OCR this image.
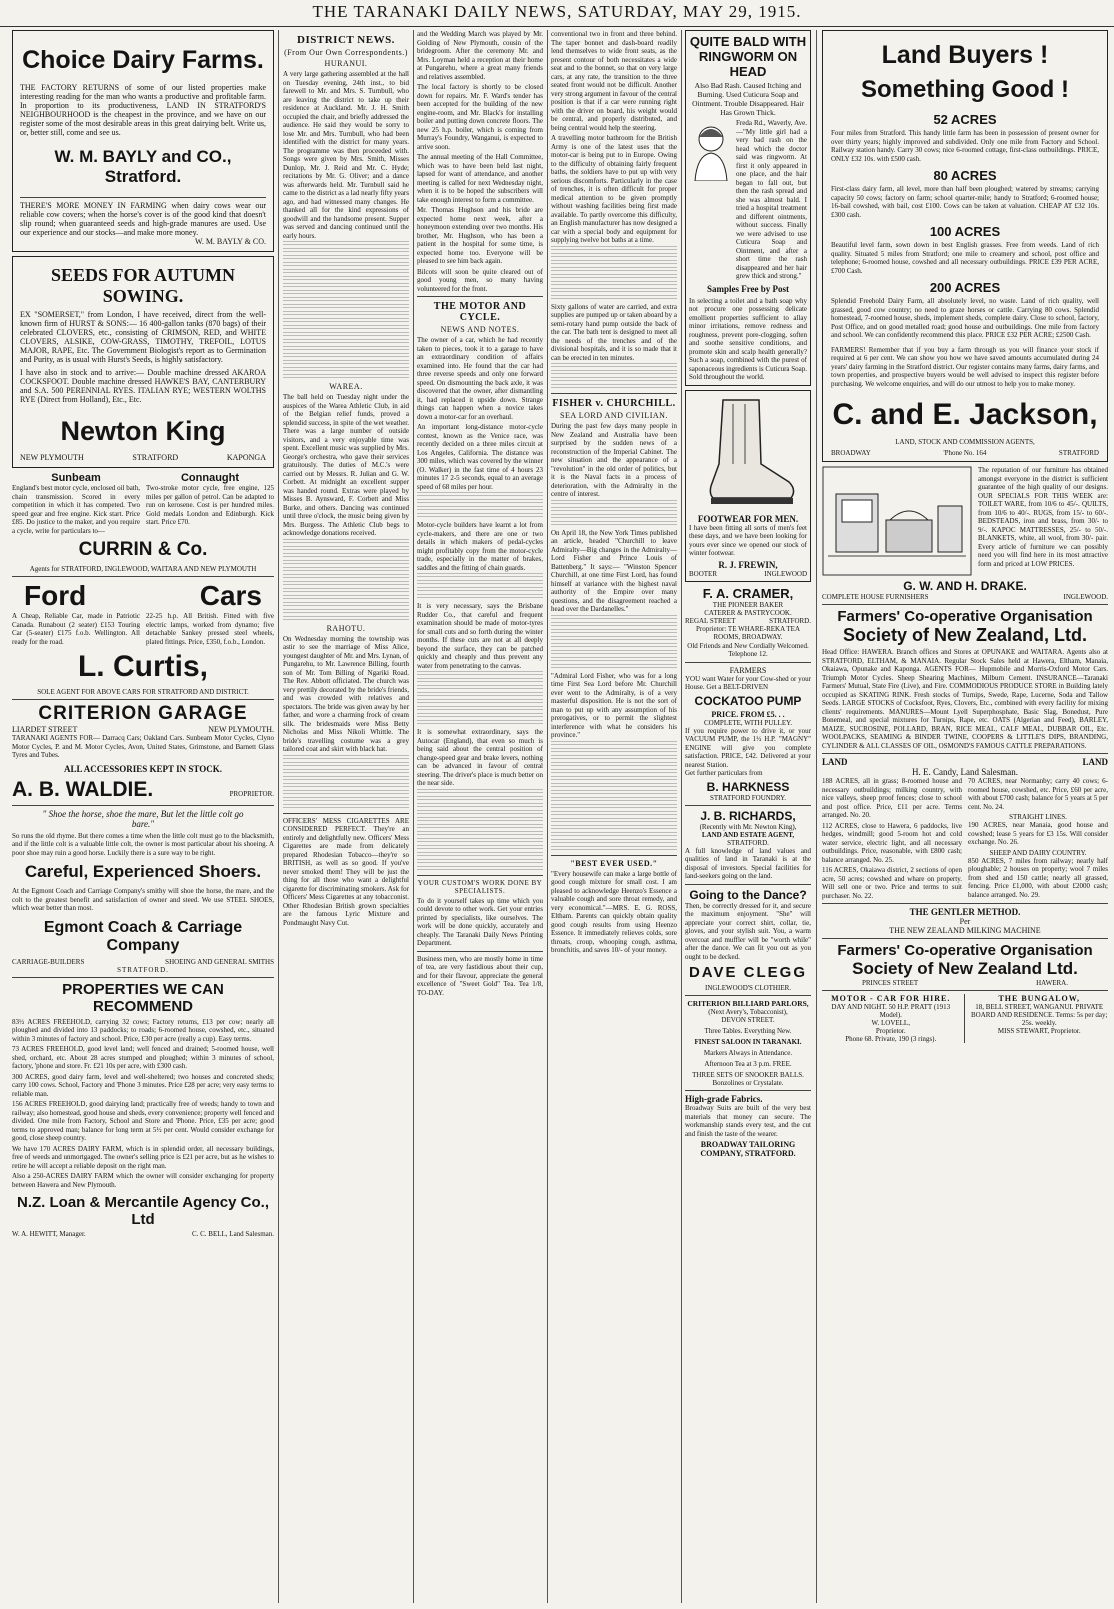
THE TARANAKI DAILY NEWS, SATURDAY, MAY 29, 1915.
Choice Dairy Farms.
THE FACTORY RETURNS of some of our listed properties make interesting reading for the man who wants a productive and profitable farm. In proportion to its productiveness, LAND IN STRATFORD'S NEIGHBOURHOOD is the cheapest in the province, and we have on our register some of the most desirable areas in this great dairying belt. Write us, or, better still, come and see us.
W. M. BAYLY and CO., Stratford.
THERE'S MORE MONEY IN FARMING when dairy cows wear our reliable cow covers; when the horse's cover is of the good kind that doesn't slip round; when guaranteed seeds and high-grade manures are used. Use our experience and our stocks—and make more money.
W. M. BAYLY & CO.
SEEDS FOR AUTUMN SOWING.
EX "SOMERSET," from London, I have received, direct from the well-known firm of HURST & SONS:— 16 400-gallon tanks (870 bags) of their celebrated CLOVERS, etc., consisting of CRIMSON, RED, and WHITE CLOVERS, ALSIKE, COW-GRASS, TIMOTHY, TREFOIL, LOTUS MAJOR, RAPE, Etc. The Government Biologist's report as to Germination and Purity, as is usual with Hurst's Seeds, is highly satisfactory.
I have also in stock and to arrive:— Double machine dressed AKAROA COCKSFOOT. Double machine dressed HAWKE'S BAY, CANTERBURY and S.A. 500 PERENNIAL RYES. ITALIAN RYE; WESTERN WOLTHS RYE (Direct from Holland), Etc., Etc.
Newton King
NEW PLYMOUTH	STRATFORD	KAPONGA
Sunbeam
England's best motor cycle, enclosed oil bath, chain transmission. Scored in every competition in which it has competed. Two speed gear and free engine. Kick start. Price £85. Do justice to the maker, and you require a cycle, write for particulars to—
Connaught
Two-stroke motor cycle, free engine, 125 miles per gallon of petrol. Can be adapted to run on kerosene. Cost is per hundred miles. Gold medals London and Edinburgh. Kick start. Price £70.
CURRIN & Co.
Agents for STRATFORD, INGLEWOOD, WAITARA AND NEW PLYMOUTH
Ford	Cars
A Cheap, Reliable Car, made in Patriotic Canada. Runabout (2 seater) £153 Touring Car (5-seater) £175 f.o.b. Wellington. All ready for the road.
22-25 h.p. All British. Fitted with five electric lamps, worked from dynamo; five detachable Sankey pressed steel wheels, plated fittings. Price, £350, f.o.b., London.
L. Curtis,
SOLE AGENT FOR ABOVE CARS FOR STRATFORD AND DISTRICT.
CRITERION GARAGE
LIARDET STREET	NEW PLYMOUTH.
TARANAKI AGENTS FOR— Darracq Cars; Oakland Cars. Sunbeam Motor Cycles, Clyno Motor Cycles, P. and M. Motor Cycles, Avon, United States, Grimstone, and Barnett Glass Tyres and Tubes.
ALL ACCESSORIES KEPT IN STOCK.
A. B. WALDIE.	PROPRIETOR.
" Shoe the horse, shoe the mare, But let the little colt go bare."
So runs the old rhyme. But there comes a time when the little colt must go to the blacksmith, and if the little colt is a valuable little colt, the owner is most particular about his shoeing. A poor shoe may ruin a good horse. Luckily there is a sure way to be right.
Careful, Experienced Shoers.
At the Egmont Coach and Carriage Company's smithy will shoe the horse, the mare, and the colt to the greatest benefit and satisfaction of owner and steed. We use STEEL SHOES, which wear better than most.
Egmont Coach & Carriage Company
CARRIAGE-BUILDERS	SHOEING AND GENERAL SMITHS
STRATFORD.
PROPERTIES WE CAN RECOMMEND
83½ ACRES FREEHOLD, carrying 32 cows; Factory returns, £13 per cow; nearly all ploughed and divided into 13 paddocks; to roads; 6-roomed house, cowshed, etc., situated within 3 minutes of factory and school. Price, £30 per acre (really a cup). Easy terms.
73 ACRES FREEHOLD, good level land; well fenced and drained; 5-roomed house, well shed, orchard, etc. About 28 acres stumped and ploughed; within 3 minutes of school, factory, 'phone and store. Fr. £21 10s per acre, with £300 cash.
300 ACRES, good dairy farm, level and well-sheltered; two houses and concreted sheds; carry 100 cows. School, Factory and 'Phone 3 minutes. Price £28 per acre; very easy terms to reliable man.
156 ACRES FREEHOLD, good dairying land; practically free of weeds; handy to town and railway; also homestead, good house and sheds, every convenience; property well fenced and divided. One mile from Factory, School and Store and 'Phone. Price, £35 per acre; good terms to approved man; balance for long term at 5½ per cent. Would consider exchange for good, close sheep country.
We have 170 ACRES DAIRY FARM, which is in splendid order, all necessary buildings, free of weeds and unmortgaged. The owner's selling price is £21 per acre, but as he wishes to retire he will accept a reliable deposit on the right man.
Also a 250-ACRES DAIRY FARM which the owner will consider exchanging for property between Hawera and New Plymouth.
N.Z. Loan & Mercantile Agency Co., Ltd
W. A. HEWITT, Manager.	C. C. BELL, Land Salesman.
DISTRICT NEWS.
(From Our Own Correspondents.)
HURANUI.
A very large gathering assembled at the hall on Tuesday evening, 24th inst., to bid farewell to Mr. and Mrs. S. Turnbull, who are leaving the district to take up their residence at Auckland. Mr. J. H. Smith occupied the chair, and briefly addressed the audience. He said they would be sorry to lose Mr. and Mrs. Turnbull, who had been identified with the district for many years. The programme was then proceeded with. Songs were given by Mrs. Smith, Misses Dunlop, Mr. J. Reid and Mr. C. Hyde; recitations by Mr. G. Oliver; and a dance was afterwards held. Mr. Turnbull said he came to the district as a lad nearly fifty years ago, and had witnessed many changes. He thanked all for the kind expressions of goodwill and the handsome present. Supper was served and dancing continued until the early hours.
WAREA.
The ball held on Tuesday night under the auspices of the Warea Athletic Club, in aid of the Belgian relief funds, proved a splendid success, in spite of the wet weather. There was a large number of outside visitors, and a very enjoyable time was spent. Excellent music was supplied by Mrs. George's orchestra, who gave their services gratuitously. The duties of M.C.'s were carried out by Messrs. R. Julian and G. W. Corbett. At midnight an excellent supper was handed round. Extras were played by Misses B. Aynsward, F. Corbett and Miss Burke, and others. Dancing was continued until three o'clock, the music being given by Mrs. Burgess. The Athletic Club begs to acknowledge donations received.
RAHOTU.
On Wednesday morning the township was astir to see the marriage of Miss Alice, youngest daughter of Mr. and Mrs. Lynan, of Pungarehu, to Mr. Lawrence Billing, fourth son of Mr. Tom Billing of Ngariki Road. The Rev. Abbott officiated. The church was very prettily decorated by the bride's friends, and was crowded with relatives and spectators. The bride was given away by her father, and wore a charming frock of cream silk. The bridesmaids were Miss Betty Nicholas and Miss Nikoli Whittle. The bride's travelling costume was a grey tailored coat and skirt with black hat.
OFFICERS' MESS CIGARETTES ARE CONSIDERED PERFECT. They're an entirely and delightfully new. Officers' Mess Cigarettes are made from delicately prepared Rhodesian Tobacco—they're so BRITISH, as well as so good. If you've never smoked them! They will be just the thing for all those who want a delightful cigarette for discriminating smokers. Ask for Officers' Mess Cigarettes at any tobacconist. Other Rhodesian British grown specialties are the famous Lyric Mixture and Pondmaught Navy Cut.
and the Wedding March was played by Mr. Golding of New Plymouth, cousin of the bridegroom. After the ceremony Mr. and Mrs. Loyman held a reception at their home at Pungarehu, where a great many friends and relatives assembled.
The local factory is shortly to be closed down for repairs. Mr. F. Ward's tender has been accepted for the building of the new engine-room, and Mr. Black's for installing boiler and putting down concrete floors. The new 25 h.p. boiler, which is coming from Murray's Foundry, Wanganui, is expected to arrive soon.
The annual meeting of the Hall Committee, which was to have been held last night, lapsed for want of attendance, and another meeting is called for next Wednesday night, when it is to be hoped the subscribers will take enough interest to form a committee.
Mr. Thomas Hughson and his bride are expected home next week, after a honeymoon extending over two months. His brother, Mr. Hughson, who has been a patient in the hospital for some time, is expected home too. Everyone will be pleased to see him back again.
Bilcots will soon be quite cleared out of good young men, so many having volunteered for the front.
THE MOTOR AND CYCLE.
NEWS AND NOTES.
The owner of a car, which he had recently taken to pieces, took it to a garage to have an extraordinary condition of affairs examined into. He found that the car had three reverse speeds and only one forward speed. On dismounting the back axle, it was discovered that the owner, after dismantling it, had replaced it upside down. Strange things can happen when a novice takes down a motor-car for an overhaul.
An important long-distance motor-cycle contest, known as the Venice race, was recently decided on a three miles circuit at Los Angeles, California. The distance was 300 miles, which was covered by the winner (O. Walker) in the fast time of 4 hours 23 minutes 17 2-5 seconds, equal to an average speed of 68 miles per hour.
Motor-cycle builders have learnt a lot from cycle-makers, and there are one or two details in which makers of pedal-cycles might profitably copy from the motor-cycle trade, especially in the matter of brakes, saddles and the fitting of chain guards.
It is very necessary, says the Brisbane Rudder Co., that careful and frequent examination should be made of motor-tyres for small cuts and so forth during the winter months. If these cuts are not at all deeply beyond the surface, they can be patched quickly and cheaply and thus prevent any water from penetrating to the canvas.
It is somewhat extraordinary, says the Autocar (England), that even so much is being said about the central position of change-speed gear and brake levers, nothing can be advanced in favour of central steering. The driver's place is much better on the near side.
YOUR CUSTOM'S WORK DONE BY SPECIALISTS.
To do it yourself takes up time which you could devote to other work. Get your entries printed by specialists, like ourselves. The work will be done quickly, accurately and cheaply. The Taranaki Daily News Printing Department.
Business men, who are mostly home in time of tea, are very fastidious about their cup, and for their flavour, appreciate the general excellence of "Sweet Gold" Tea. Tea 1/8, TO-DAY.
conventional two in front and three behind. The taper bonnet and dash-board readily lend themselves to wide front seats, as the present contour of both necessitates a wide seat and to the bonnet, so that on very large cars, at any rate, the transition to the three seated front would not be difficult. Another very strong argument in favour of the central position is that if a car were running right with the driver on board, his weight would be central, and properly distributed, and being central would help the steering.
A travelling motor bathroom for the British Army is one of the latest uses that the motor-car is being put to in Europe. Owing to the difficulty of obtaining fairly frequent baths, the soldiers have to put up with very serious discomforts. Particularly in the case of trenches, it is often difficult for proper medical attention to be given promptly without washing facilities being first made available. To partly overcome this difficulty, an English manufacturer has now designed a car with a special body and equipment for supplying twelve hot baths at a time.
Sixty gallons of water are carried, and extra supplies are pumped up or taken aboard by a semi-rotary hand pump outside the back of the car. The bath tent is designed to meet all the needs of the trenches and of the divisional hospitals, and it is so made that it can be erected in ten minutes.
FISHER v. CHURCHILL.
SEA LORD AND CIVILIAN.
During the past few days many people in New Zealand and Australia have been surprised by the sudden news of a reconstruction of the Imperial Cabinet. The new situation and the appearance of a "revolution" in the old order of politics, but it is the Naval facts in a process of deterioration, with the Admiralty in the centre of interest.
On April 18, the New York Times published an article, headed "Churchill to leave Admiralty—Big changes in the Admiralty—Lord Fisher and Prince Louis of Battenberg." It says:— "Winston Spencer Churchill, at one time First Lord, has found himself at variance with the highest naval authority of the Empire over many questions, and the disagreement reached a head over the Dardanelles."
"Admiral Lord Fisher, who was for a long time First Sea Lord before Mr. Churchill ever went to the Admiralty, is of a very masterful disposition. He is not the sort of man to put up with any assumption of his prerogatives, or to permit the slightest interference with what he considers his province."
"BEST EVER USED."
"Every housewife can make a large bottle of good cough mixture for small cost. I am pleased to acknowledge Heenzo's Essence a valuable cough and sore throat remedy, and very economical."—MRS. E. G. ROSS, Eltham. Parents can quickly obtain quality good cough results from using Heenzo Essence. It immediately relieves colds, sore throats, croup, whooping cough, asthma, bronchitis, and saves 10/- of your money.
QUITE BALD WITH RINGWORM ON HEAD
Also Bad Rash. Caused Itching and Burning. Used Cuticura Soap and Ointment. Trouble Disappeared. Hair Has Grown Thick.
Freda Rd., Waverly, Ave.—"My little girl had a very bad rash on the head which the doctor said was ringworm. At first it only appeared in one place, and the hair began to fall out, but then the rash spread and she was almost bald. I tried a hospital treatment and different ointments, without success. Finally we were advised to use Cuticura Soap and Ointment, and after a short time the rash disappeared and her hair grew thick and strong."
Samples Free by Post
In selecting a toilet and a bath soap why not procure one possessing delicate emollient properties sufficient to allay minor irritations, remove redness and roughness, prevent pore-clogging, soften and soothe sensitive conditions, and promote skin and scalp health generally? Such a soap, combined with the purest of saponaceous ingredients is Cuticura Soap. Sold throughout the world.
FOOTWEAR FOR MEN.
I have been fitting all sorts of men's feet these days, and we have been looking for yours ever since we opened our stock of winter footwear.
R. J. FREWIN,
BOOTER	INGLEWOOD
F. A. CRAMER,
THE PIONEER BAKER
CATERER & PASTRYCOOK.
REGAL STREET	STRATFORD.
Proprietor: TE WHARE-REKA TEA ROOMS, BROADWAY.
Old Friends and New Cordially Welcomed.
Telephone 12.
FARMERS
YOU want Water for your Cow-shed or your House. Get a BELT-DRIVEN
COCKATOO PUMP
PRICE. FROM £5. . .
COMPLETE, WITH PULLEY.
If you require power to drive it, or your VACUUM PUMP, the 1½ H.P. "MAGNY" ENGINE will give you complete satisfaction. PRICE, £42. Delivered at your nearest Station.
Get further particulars from
B. HARKNESS
STRATFORD FOUNDRY.
J. B. RICHARDS,
(Recently with Mr. Newton King),
LAND AND ESTATE AGENT,
STRATFORD.
A full knowledge of land values and qualities of land in Taranaki is at the disposal of investors. Special facilities for land-seekers going on the land.
Going to the Dance?
Then, be correctly dressed for it, and secure the maximum enjoyment. "She" will appreciate your correct shirt, collar, tie, gloves, and your stylish suit. You, a warm overcoat and muffler will be "worth while" after the dance. We can fit you out as you ought to be decked.
DAVE CLEGG
INGLEWOOD'S CLOTHIER.
CRITERION BILLIARD PARLORS,
(Next Avery's, Tobacconist),
DEVON STREET.
Three Tables. Everything New.
FINEST SALOON IN TARANAKI.
Markers Always in Attendance.
Afternoon Tea at 3 p.m. FREE.
THREE SETS OF SNOOKER BALLS.
Bonzolines or Crystalate.
High-grade Fabrics.
Broadway Suits are built of the very best materials that money can secure. The workmanship stands every test, and the cut and finish the taste of the wearer.
BROADWAY TAILORING COMPANY, STRATFORD.
Land Buyers !
Something Good !
52 ACRES
Four miles from Stratford. This handy little farm has been in possession of present owner for over thirty years; highly improved and subdivided. Only one mile from Factory and School. Railway station handy. Carry 30 cows; nice 6-roomed cottage, first-class outbuildings. PRICE, ONLY £32 10s. with £500 cash.
80 ACRES
First-class dairy farm, all level, more than half been ploughed; watered by streams; carrying capacity 50 cows; factory on farm; school quarter-mile; handy to Stratford; 6-roomed house; 16-bail cowshed, with bail, cost £100. Cows can be taken at valuation. CHEAP AT £32 10s. £300 cash.
100 ACRES
Beautiful level farm, sown down in best English grasses. Free from weeds. Land of rich quality. Situated 5 miles from Stratford; one mile to creamery and school, post office and telephone; 6-roomed house, cowshed and all necessary outbuildings. PRICE £39 PER ACRE, £700 Cash.
200 ACRES
Splendid Freehold Dairy Farm, all absolutely level, no waste. Land of rich quality, well grassed, good cow country; no need to graze horses or cattle. Carrying 80 cows. Splendid homestead, 7-roomed house, sheds, implement sheds, complete dairy. Close to school, factory, Post Office, and on good metalled road; good house and outbuildings. One mile from factory and school. We can confidently recommend this place. PRICE £32 PER ACRE; £2500 Cash.
FARMERS! Remember that if you buy a farm through us you will finance your stock if required at 6 per cent. We can show you how we have saved amounts accumulated during 24 years' dairy farming in the Stratford district. Our register contains many farms, dairy farms, and town properties, and prospective buyers would be well advised to inspect this register before purchasing. We welcome enquiries, and will do our utmost to help you to make money.
C. and E. Jackson,
LAND, STOCK AND COMMISSION AGENTS,
BROADWAY	'Phone No. 164	STRATFORD
The reputation of our furniture has obtained amongst everyone in the district is sufficient guarantee of the high quality of our designs. OUR SPECIALS FOR THIS WEEK are: TOILET WARE, from 10/6 to 45/-. QUILTS, from 10/6 to 40/-. RUGS, from 15/- to 60/-. BEDSTEADS, iron and brass, from 30/- to 9/-. KAPOC MATTRESSES, 25/- to 50/-. BLANKETS, white, all wool, from 30/- pair. Every article of furniture we can possibly need you will find here in its most attractive form and priced at LOW PRICES.
G. W. AND H. DRAKE.
COMPLETE HOUSE FURNISHERS	INGLEWOOD.
Farmers' Co-operative Organisation
Society of New Zealand, Ltd.
Head Office: HAWERA. Branch offices and Stores at OPUNAKE and WAITARA. Agents also at STRATFORD, ELTHAM, & MANAIA. Regular Stock Sales held at Hawera, Eltham, Manaia, Okaiawa, Opunake and Kaponga. AGENTS FOR— Hupmobile and Morris-Oxford Motor Cars. Triumph Motor Cycles. Sheep Shearing Machines, Milburn Cement. INSURANCE—Taranaki Farmers' Mutual, State Fire (Live), and Fire. COMMODIOUS PRODUCE STORE in Building lately occupied as SKATING RINK. Fresh stocks of Turnips, Swede, Rape, Lucerne, Soda and Tallow Seeds. LARGE STOCKS of Cocksfoot, Ryes, Clovers, Etc., combined with every facility for mixing clients' requirements. MANURES—Mount Lyell Superphosphate, Basic Slag, Bonedust, Pure Bonemeal, and special mixtures for Turnips, Rape, etc. OATS (Algerian and Feed), BARLEY, MAIZE, SUCROSINE, POLLARD, BRAN, RICE MEAL, CALF MEAL, DUBBAR OIL, Etc. WOOLPACKS, SEAMING & BINDER TWINE, COOPERS & LITTLE'S DIPS, BRANDING, CYLINDER & ALL CLASSES OF OIL, OSMOND'S FAMOUS CATTLE PREPARATIONS.
LAND	LAND
H. E. Candy, Land Salesman.
188 ACRES, all in grass; 8-roomed house and necessary outbuildings; milking country, with nice valleys, sheep proof fences; close to school and post office. Price, £11 per acre. Terms arranged. No. 20.
112 ACRES, close to Hawera, 6 paddocks, live hedges, windmill; good 5-room hot and cold water service, electric light, and all necessary outbuildings. Price, reasonable, with £800 cash; balance arranged. No. 25.
116 ACRES, Okaiawa district, 2 sections of open acre, 50 acres; cowshed and whare on property. Will sell one or two. Price and terms to suit purchaser. No. 22.
70 ACRES, near Normanby; carry 40 cows; 6-roomed house, cowshed, etc. Price, £60 per acre, with about £700 cash; balance for 5 years at 5 per cent. No. 24.
STRAIGHT LINES.
190 ACRES, near Manaia, good house and cowshed; lease 5 years for £3 15s. Will consider exchange. No. 26.
SHEEP AND DAIRY COUNTRY.
850 ACRES, 7 miles from railway; nearly half ploughable; 2 houses on property; wool 7 miles from shed and 150 cattle; nearly all grassed, fencing. Price £1,000, with about £2000 cash; balance arranged. No. 29.
THE GENTLER METHOD.
Per
THE NEW ZEALAND MILKING MACHINE
Farmers' Co-operative Organisation
Society of New Zealand Ltd.
PRINCES STREET	HAWERA.
MOTOR - CAR FOR HIRE.
DAY AND NIGHT. 50 H.P. PRATT (1913 Model).
W. LOVELL,
Proprietor.
Phone 68. Private, 190 (3 rings).
THE BUNGALOW,
18, BELL STREET, WANGANUI. PRIVATE BOARD AND RESIDENCE. Terms: 5s per day; 25s. weekly.
MISS STEWART, Proprietor.
